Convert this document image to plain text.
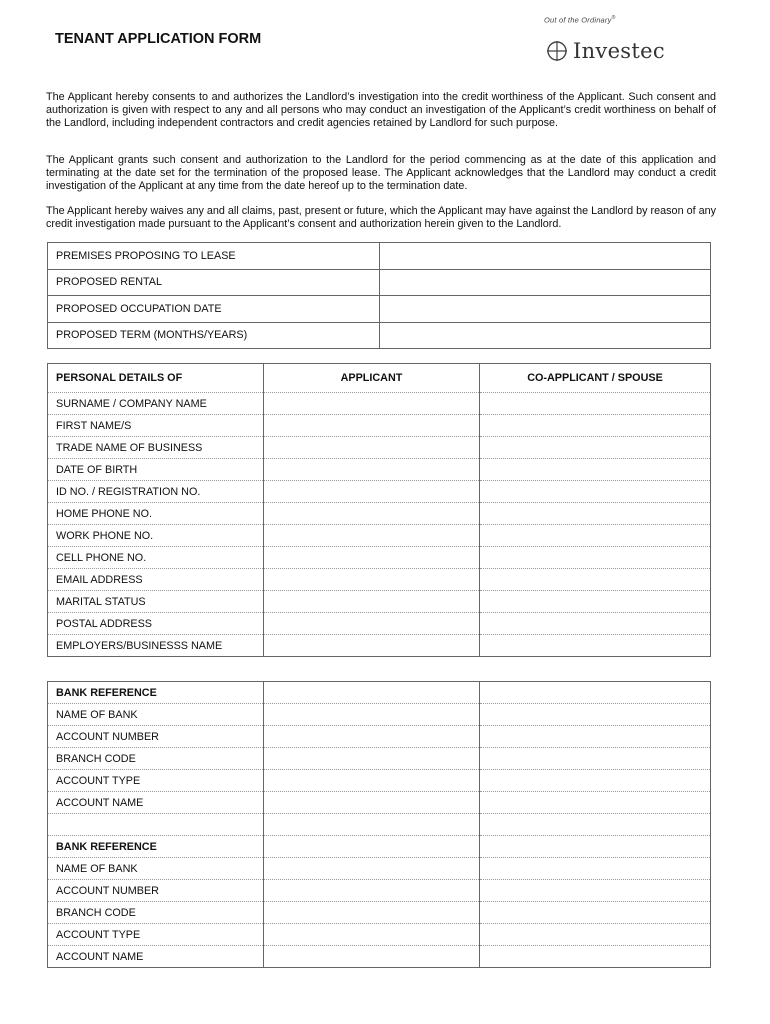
Out of the Ordinary®
Investec
TENANT APPLICATION FORM

The Applicant hereby consents to and authorizes the Landlord’s investigation into the credit worthiness of the Applicant. Such consent and authorization is given with respect to any and all persons who may conduct an investigation of the Applicant’s credit worthiness on behalf of the Landlord, including independent contractors and credit agencies retained by Landlord for such purpose.

The Applicant grants such consent and authorization to the Landlord for the period commencing as at the date of this application and terminating at the date set for the termination of the proposed lease. The Applicant acknowledges that the Landlord may conduct a credit investigation of the Applicant at any time from the date hereof up to the termination date.

The Applicant hereby waives any and all claims, past, present or future, which the Applicant may have against the Landlord by reason of any credit investigation made pursuant to the Applicant’s consent and authorization herein given to the Landlord.

PREMISES PROPOSING TO LEASE	
PROPOSED RENTAL	
PROPOSED OCCUPATION DATE	
PROPOSED TERM (MONTHS/YEARS)	
PERSONAL DETAILS OF	APPLICANT	CO-APPLICANT / SPOUSE
SURNAME / COMPANY NAME		
FIRST NAME/S		
TRADE NAME OF BUSINESS		
DATE OF BIRTH		
ID NO. / REGISTRATION NO.		
HOME PHONE NO.		
WORK PHONE NO.		
CELL PHONE NO.		
EMAIL ADDRESS		
MARITAL STATUS		
POSTAL ADDRESS		
EMPLOYERS/BUSINESSS NAME		
BANK REFERENCE		
NAME OF BANK		
ACCOUNT NUMBER		
BRANCH CODE		
ACCOUNT TYPE		
ACCOUNT NAME		

BANK REFERENCE		
NAME OF BANK		
ACCOUNT NUMBER		
BRANCH CODE		
ACCOUNT TYPE		
ACCOUNT NAME		
